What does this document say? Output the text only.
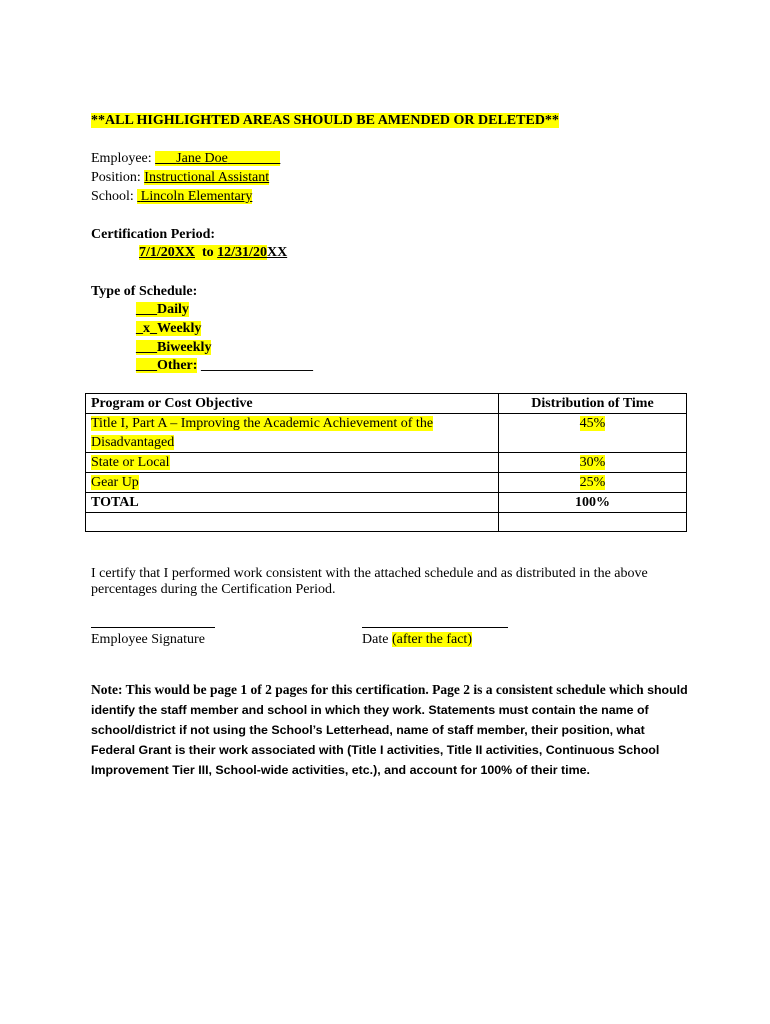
**ALL HIGHLIGHTED AREAS SHOULD BE AMENDED OR DELETED**
Employee: Jane Doe
Position: Instructional Assistant
School: Lincoln Elementary
Certification Period:
7/1/20XX to 12/31/20XX
Type of Schedule:
___Daily
_x_Weekly
___Biweekly
___Other: ________________
Program or Cost Objective	Distribution of Time
Title I, Part A – Improving the Academic Achievement of the
Disadvantaged	45%
State or Local	30%
Gear Up	25%
TOTAL	100%

I certify that I performed work consistent with the attached schedule and as distributed in the above percentages during the Certification Period.
Employee Signature	Date (after the fact)
Note: This would be page 1 of 2 pages for this certification. Page 2 is a consistent schedule which should identify the staff member and school in which they work. Statements must contain the name of school/district if not using the School’s Letterhead, name of staff member, their position, what Federal Grant is their work associated with (Title I activities, Title II activities, Continuous School Improvement Tier III, School-wide activities, etc.), and account for 100% of their time.
